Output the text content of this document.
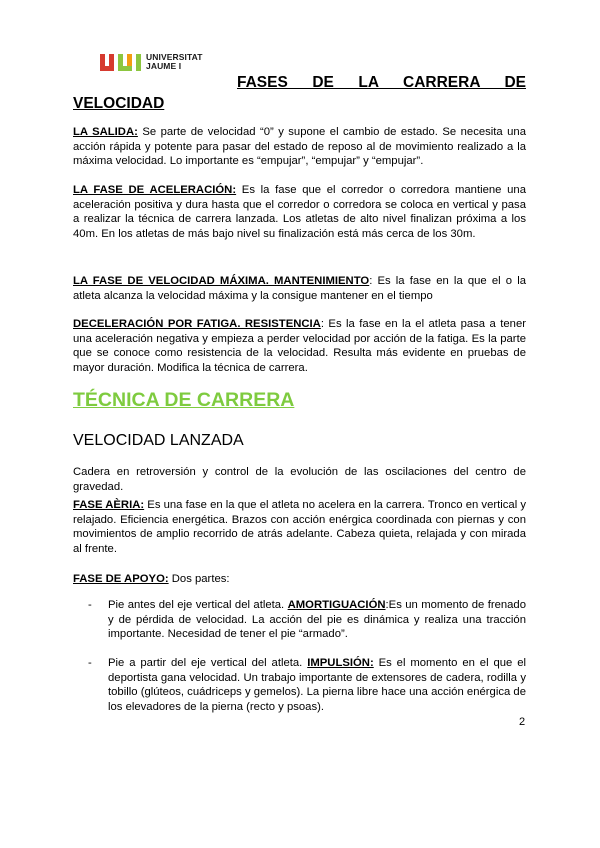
UNIVERSITAT
JAUME I
FASES DE LA CARRERA DE
VELOCIDAD
LA SALIDA: Se parte de velocidad “0” y supone el cambio de estado. Se necesita una acción rápida y potente para pasar del estado de reposo al de movimiento realizado a la máxima velocidad. Lo importante es “empujar”, “empujar” y “empujar”.
LA FASE DE ACELERACIÓN: Es la fase que el corredor o corredora mantiene una aceleración positiva y dura hasta que el corredor o corredora se coloca en vertical y pasa a realizar la técnica de carrera lanzada. Los atletas de alto nivel finalizan próxima a los 40m. En los atletas de más bajo nivel su finalización está más cerca de los 30m.
LA FASE DE VELOCIDAD MÁXIMA. MANTENIMIENTO: Es la fase en la que el o la atleta alcanza la velocidad máxima y la consigue mantener en el tiempo
DECELERACIÓN POR FATIGA. RESISTENCIA: Es la fase en la el atleta pasa a tener una aceleración negativa y empieza a perder velocidad por acción de la fatiga. Es la parte que se conoce como resistencia de la velocidad. Resulta más evidente en pruebas de mayor duración. Modifica la técnica de carrera.
TÉCNICA DE CARRERA
VELOCIDAD LANZADA
Cadera en retroversión y control de la evolución de las oscilaciones del centro de gravedad.
FASE AÈRIA: Es una fase en la que el atleta no acelera en la carrera. Tronco en vertical y relajado. Eficiencia energética. Brazos con acción enérgica coordinada con piernas y con movimientos de amplio recorrido de atrás adelante. Cabeza quieta, relajada y con mirada al frente.
FASE DE APOYO: Dos partes:
- Pie antes del eje vertical del atleta. AMORTIGUACIÓN:Es un momento de frenado y de pérdida de velocidad. La acción del pie es dinámica y realiza una tracción importante. Necesidad de tener el pie “armado”.
- Pie a partir del eje vertical del atleta. IMPULSIÓN: Es el momento en el que el deportista gana velocidad. Un trabajo importante de extensores de cadera, rodilla y tobillo (glúteos, cuádriceps y gemelos). La pierna libre hace una acción enérgica de los elevadores de la pierna (recto y psoas).
2
